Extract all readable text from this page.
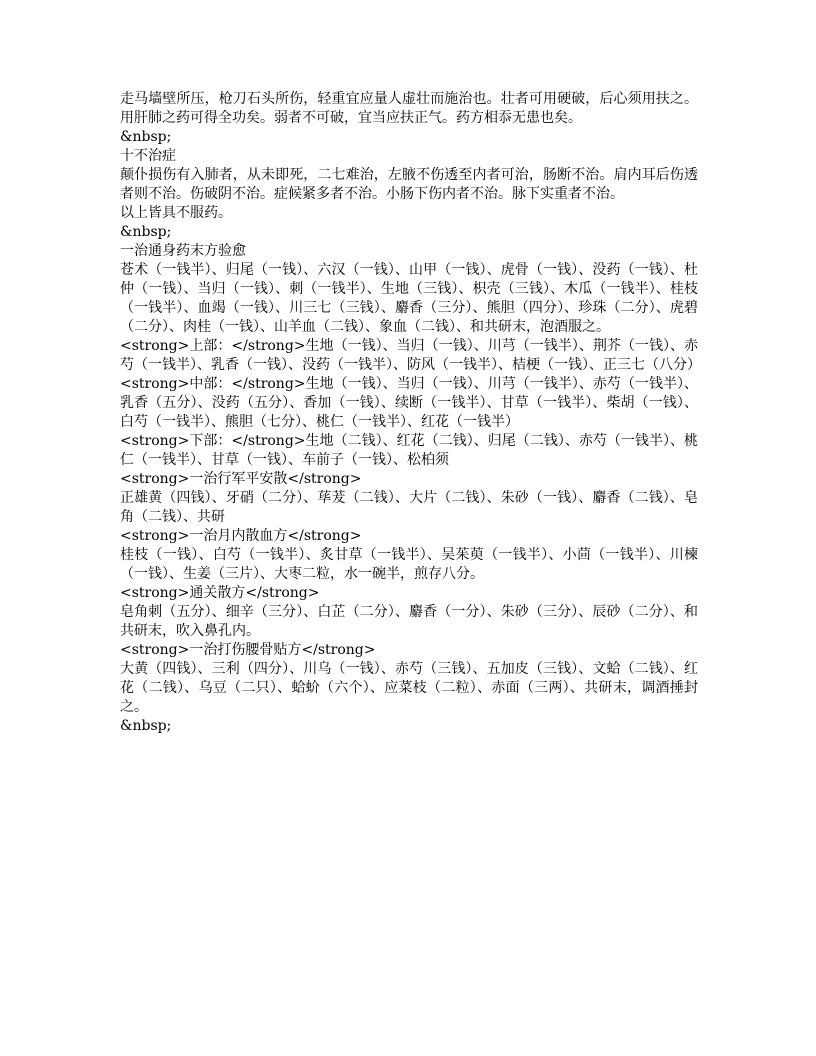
走马墙壁所压，枪刀石头所伤，轻重宜应量人虚壮而施治也。壮者可用硬破，后心须用扶之。用肝肺之药可得全功矣。弱者不可破，宜当应扶正气。药方相忝无患也矣。

&nbsp;

十不治症

颠仆损伤有入肺者，从未即死，二七难治，左腋不伤透至内者可治，肠断不治。肩内耳后伤透者则不治。伤破阴不治。症候紧多者不治。小肠下伤内者不治。脉下实重者不治。

以上皆具不服药。

&nbsp;

一治通身药末方验愈

苍术（一钱半）、归尾（一钱）、六汉（一钱）、山甲（一钱）、虎骨（一钱）、没药（一钱）、杜仲（一钱）、当归（一钱）、刺（一钱半）、生地（三钱）、枳壳（三钱）、木瓜（一钱半）、桂枝（一钱半）、血竭（一钱）、川三七（三钱）、麝香（三分）、熊胆（四分）、珍珠（二分）、虎碧（二分）、肉桂（一钱）、山羊血（二钱）、象血（二钱）、和共研末，泡酒服之。

<strong>上部：</strong>生地（一钱）、当归（一钱）、川芎（一钱半）、荆芥（一钱）、赤芍（一钱半）、乳香（一钱）、没药（一钱半）、防风（一钱半）、桔梗（一钱）、正三七（八分）

<strong>中部：</strong>生地（一钱）、当归（一钱）、川芎（一钱半）、赤芍（一钱半）、乳香（五分）、没药（五分）、香加（一钱）、续断（一钱半）、甘草（一钱半）、柴胡（一钱）、白芍（一钱半）、熊胆（七分）、桃仁（一钱半）、红花（一钱半）

<strong>下部：</strong>生地（二钱）、红花（二钱）、归尾（二钱）、赤芍（一钱半）、桃仁（一钱半）、甘草（一钱）、车前子（一钱）、松柏须

<strong>一治行军平安散</strong>

正雄黄（四钱）、牙硝（二分）、荜茇（二钱）、大片（二钱）、朱砂（一钱）、麝香（二钱）、皂角（二钱）、共研

<strong>一治月内散血方</strong>

桂枝（一钱）、白芍（一钱半）、炙甘草（一钱半）、吴茱萸（一钱半）、小茴（一钱半）、川楝（一钱）、生姜（三片）、大枣二粒，水一碗半，煎存八分。

<strong>通关散方</strong>

皂角刺（五分）、细辛（三分）、白芷（二分）、麝香（一分）、朱砂（三分）、辰砂（二分）、和共研末，吹入鼻孔内。

<strong>一治打伤腰骨贴方</strong>

大黄（四钱）、三利（四分）、川乌（一钱）、赤芍（三钱）、五加皮（三钱）、文蛤（二钱）、红花（二钱）、乌豆（二只）、蛤蚧（六个）、应菜枝（二粒）、赤面（三两）、共研末，调酒捶封之。

&nbsp;
